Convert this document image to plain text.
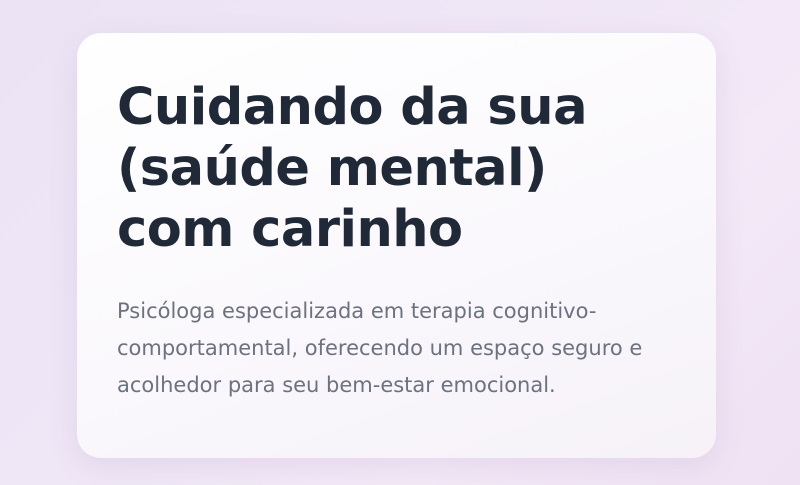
Cuidando da sua
(saúde mental)
com carinho

Psicóloga especializada em terapia cognitivo-comportamental, oferecendo um espaço seguro e acolhedor para seu bem-estar emocional.
